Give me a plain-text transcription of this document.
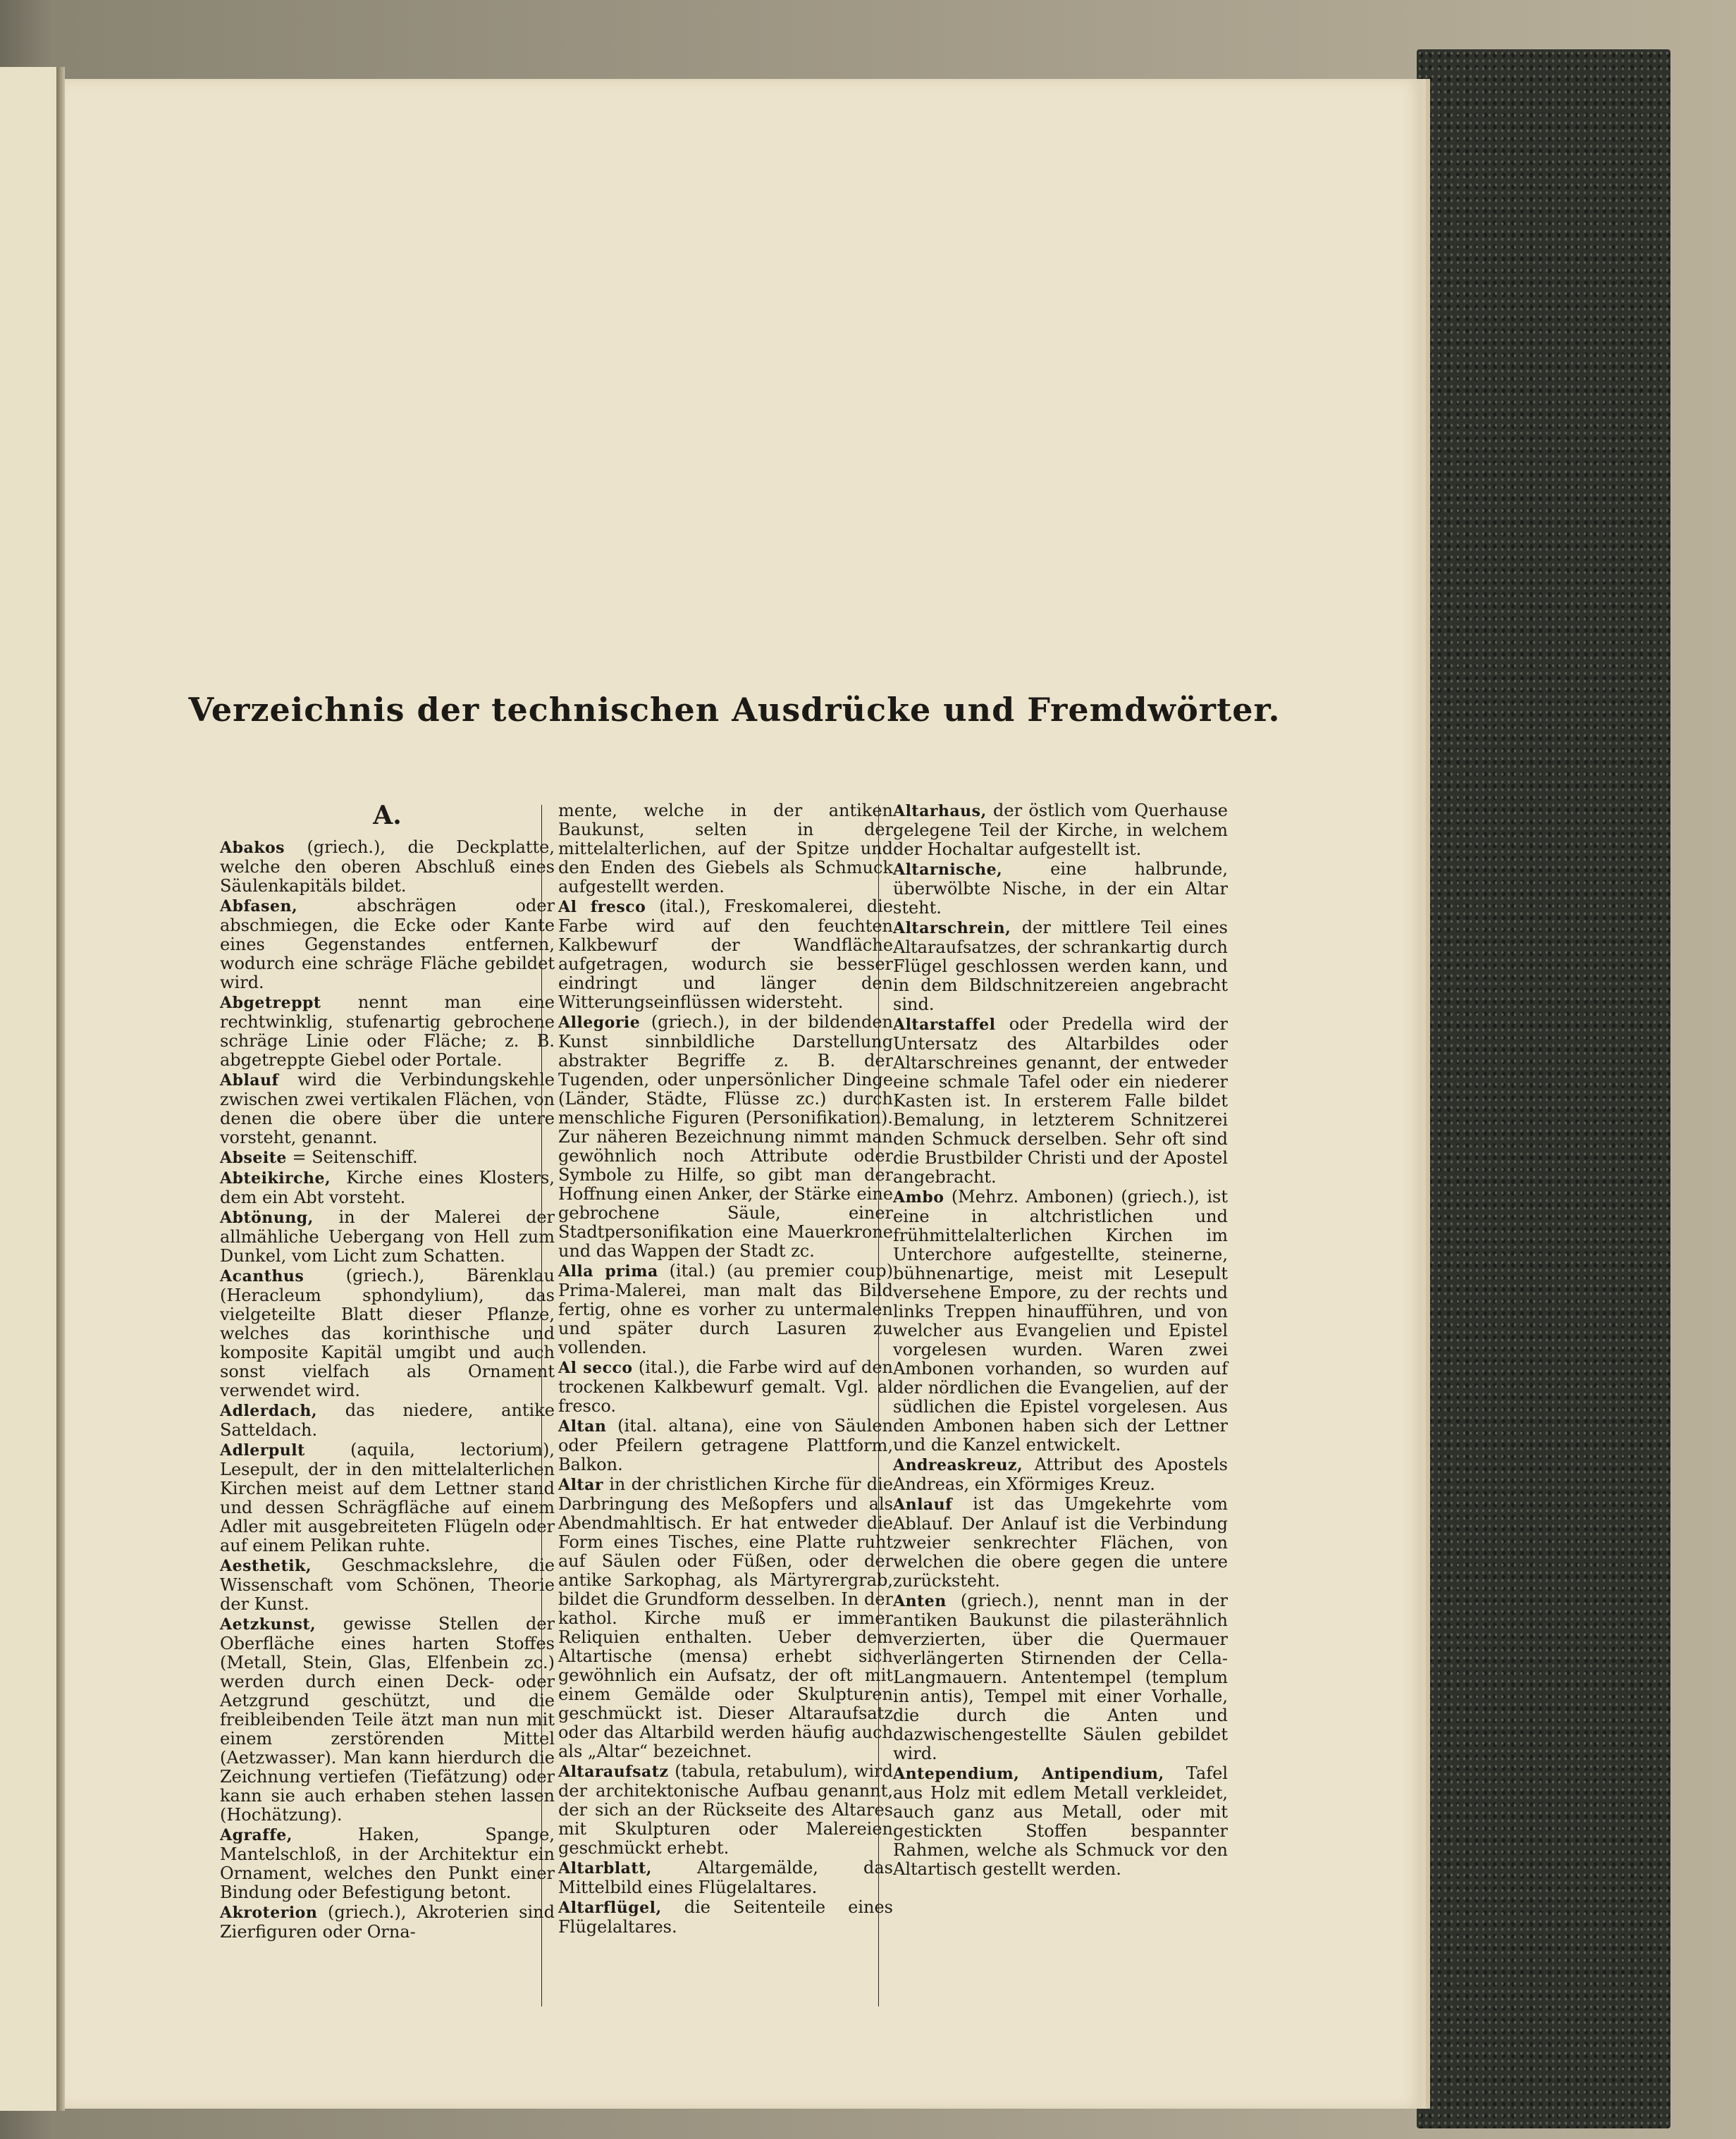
Verzeichnis der technischen Ausdrücke und Fremdwörter.
A.

Abakos (griech.), die Deckplatte, welche den oberen Abschluß eines Säulenkapitäls bildet.

Abfasen,	abschrägen oder abschmiegen, die Ecke oder Kante eines Gegenstandes entfernen, wodurch eine schräge Fläche gebildet wird.

Abgetreppt nennt man eine rechtwinklig, stufenartig gebrochene schräge Linie oder Fläche; z. B. abgetreppte Giebel oder Portale.

Ablauf wird die Verbindungskehle zwischen zwei vertikalen Flächen, von denen die obere über die untere vorsteht, genannt.

Abseite = Seitenschiff.

Abteikirche, Kirche eines Klosters, dem ein Abt vorsteht.

Abtönung, in der Malerei der allmähliche Uebergang von Hell zum Dunkel, vom Licht zum Schatten.

Acanthus (griech.), Bärenklau (Heracleum sphondylium), das vielgeteilte Blatt dieser Pflanze, welches das korinthische und komposite Kapitäl umgibt und auch sonst vielfach als Ornament verwendet wird.

Adlerdach, das niedere, antike Satteldach.

Adlerpult	(aquila, lectorium), Lesepult, der in den mittelalterlichen Kirchen meist auf dem Lettner stand und dessen Schrägfläche auf einem Adler mit ausgebreiteten Flügeln oder auf einem Pelikan ruhte.

Aesthetik, Geschmackslehre, die Wissenschaft vom Schönen, Theorie der Kunst.

Aetzkunst, gewisse Stellen der Oberfläche eines harten Stoffes (Metall, Stein, Glas, Elfenbein zc.) werden durch einen Deck- oder Aetzgrund geschützt, und die freibleibenden Teile ätzt man nun mit einem zerstörenden Mittel (Aetzwasser). Man kann hierdurch die Zeichnung vertiefen (Tiefätzung) oder kann sie auch erhaben stehen lassen (Hochätzung).

Agraffe,	Haken, Spange, Mantelschloß, in der Architektur ein Ornament, welches den Punkt einer Bindung oder Befestigung betont.

Akroterion (griech.), Akroterien sind Zierfiguren oder Orna-

mente, welche in der antiken Baukunst, selten in der mittelalterlichen, auf der Spitze und den Enden des Giebels als Schmuck aufgestellt werden.

Al fresco (ital.), Freskomalerei, die Farbe wird auf den feuchten Kalkbewurf der Wandfläche aufgetragen, wodurch sie besser eindringt und länger den Witterungseinflüssen widersteht.

Allegorie (griech.), in der bildenden Kunst sinnbildliche Darstellung abstrakter Begriffe z. B. der Tugenden, oder unpersönlicher Dinge (Länder, Städte, Flüsse zc.) durch menschliche Figuren (Personifikation). Zur näheren Bezeichnung nimmt man gewöhnlich noch Attribute oder Symbole zu Hilfe, so gibt man der Hoffnung einen Anker, der Stärke eine gebrochene Säule, einer Stadtpersonifikation eine Mauerkrone und das Wappen der Stadt zc.

Alla prima (ital.) (au premier coup) Prima-Malerei, man malt das Bild fertig, ohne es vorher zu untermalen und später durch Lasuren zu vollenden.

Al secco (ital.), die Farbe wird auf den trockenen Kalkbewurf gemalt. Vgl. al fresco.

Altan (ital. altana), eine von Säulen oder Pfeilern getragene Plattform, Balkon.

Altar in der christlichen Kirche für die Darbringung des Meßopfers und als Abendmahltisch. Er hat entweder die Form eines Tisches, eine Platte ruht auf Säulen oder Füßen, oder der antike Sarkophag, als Märtyrergrab, bildet die Grundform desselben. In der kathol. Kirche muß er immer Reliquien enthalten. Ueber dem Altartische (mensa) erhebt sich gewöhnlich ein Aufsatz, der oft mit einem Gemälde oder Skulpturen geschmückt ist. Dieser Altaraufsatz oder das Altarbild werden häufig auch als „Altar“ bezeichnet.

Altaraufsatz (tabula, retabulum), wird der architektonische Aufbau genannt, der sich an der Rückseite des Altares mit Skulpturen oder Malereien geschmückt erhebt.

Altarblatt,	Altargemälde, das Mittelbild eines Flügelaltares.

Altarflügel, die Seitenteile eines Flügelaltares.

Altarhaus, der östlich vom Querhause gelegene Teil der Kirche, in welchem der Hochaltar aufgestellt ist.

Altarnische,	eine halbrunde, überwölbte Nische, in der ein Altar steht.

Altarschrein, der mittlere Teil eines Altaraufsatzes, der schrankartig durch Flügel geschlossen werden kann, und in dem Bildschnitzereien angebracht sind.

Altarstaffel oder Predella wird der Untersatz des Altarbildes oder Altarschreines genannt, der entweder eine schmale Tafel oder ein niederer Kasten ist. In ersterem Falle bildet Bemalung, in letzterem Schnitzerei den Schmuck derselben. Sehr oft sind die Brustbilder Christi und der Apostel angebracht.

Ambo (Mehrz. Ambonen) (griech.), ist eine in altchristlichen und frühmittelalterlichen Kirchen im Unterchore aufgestellte, steinerne, bühnenartige, meist mit Lesepult versehene Empore, zu der rechts und links Treppen hinaufführen, und von welcher aus Evangelien und Epistel vorgelesen wurden. Waren zwei Ambonen vorhanden, so wurden auf der nördlichen die Evangelien, auf der südlichen die Epistel vorgelesen. Aus den Ambonen haben sich der Lettner und die Kanzel entwickelt.

Andreaskreuz, Attribut des Apostels Andreas, ein Xförmiges Kreuz.

Anlauf ist das Umgekehrte vom Ablauf. Der Anlauf ist die Verbindung zweier senkrechter Flächen, von welchen die obere gegen die untere zurücksteht.

Anten (griech.), nennt man in der antiken Baukunst die pilasterähnlich verzierten, über die Quermauer verlängerten Stirnenden der Cella-Langmauern. Antentempel (templum in antis), Tempel mit einer Vorhalle, die durch die Anten und dazwischengestellte Säulen gebildet wird.

Antependium, Antipendium, Tafel aus Holz mit edlem Metall verkleidet, auch ganz aus Metall, oder mit gestickten Stoffen bespannter Rahmen, welche als Schmuck vor den Altartisch gestellt werden.
